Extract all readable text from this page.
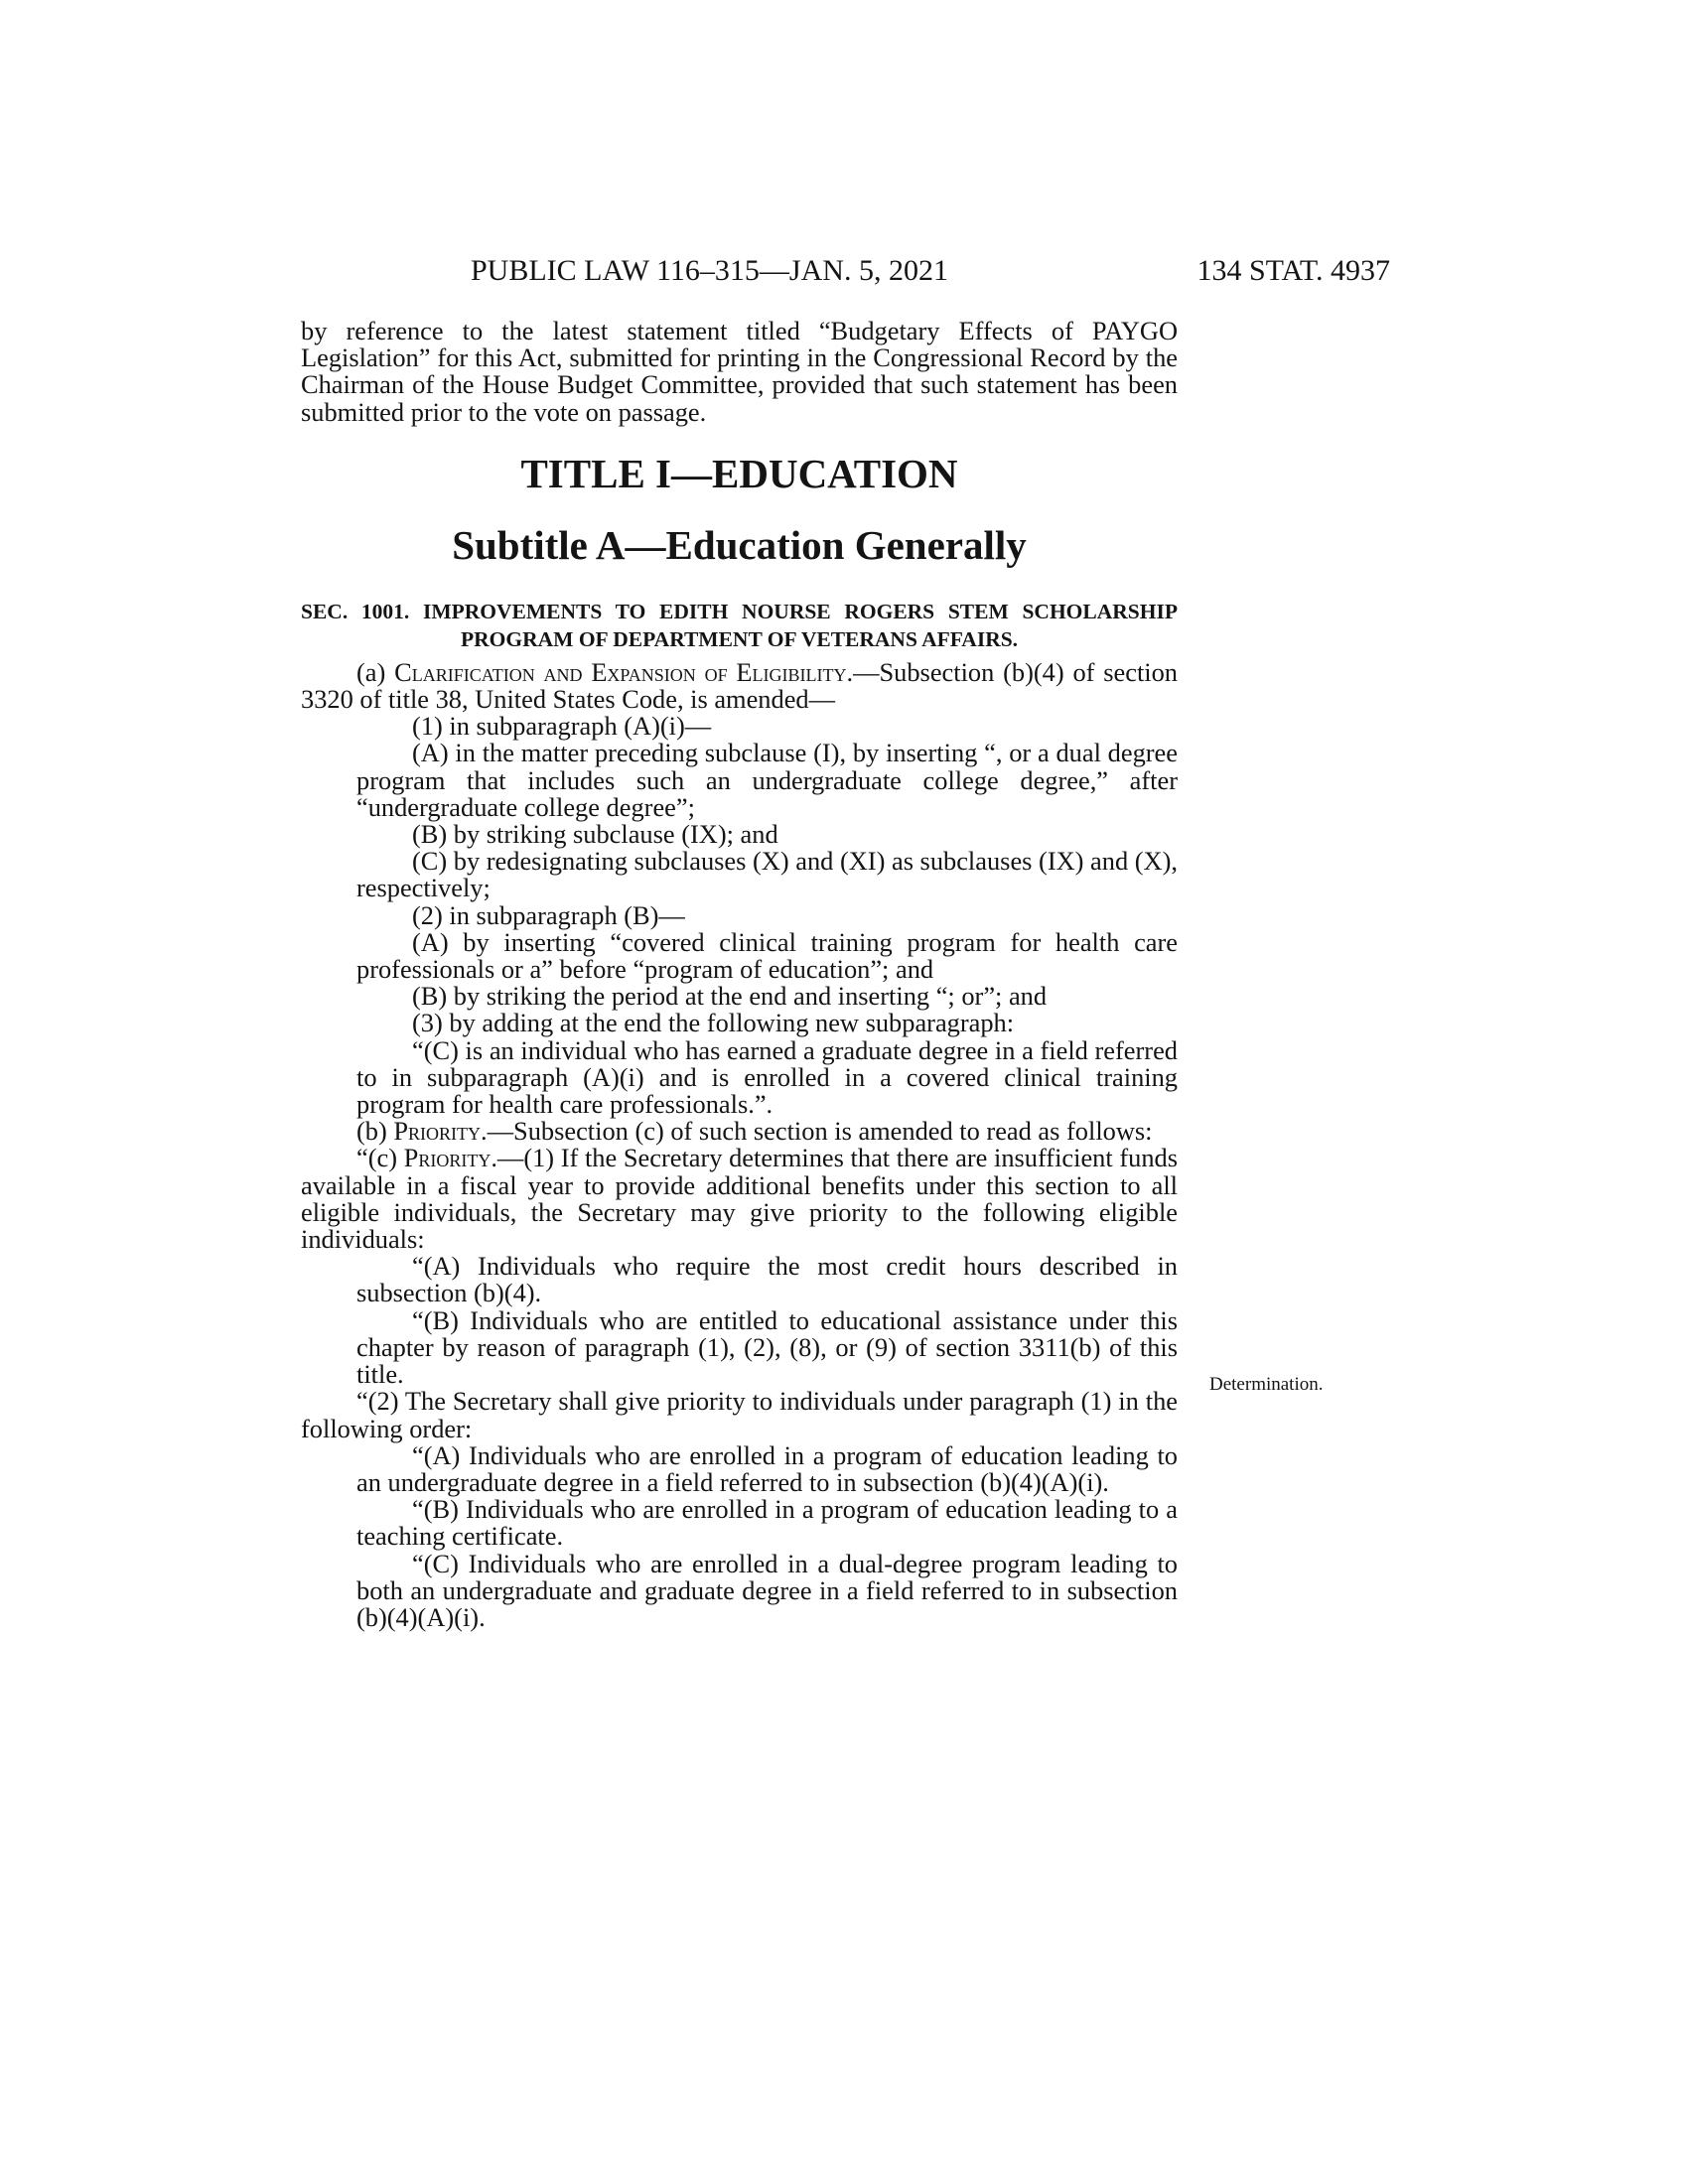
PUBLIC LAW 116–315—JAN. 5, 2021	134 STAT. 4937

by reference to the latest statement titled “Budgetary Effects of PAYGO Legislation” for this Act, submitted for printing in the Congressional Record by the Chairman of the House Budget Committee, provided that such statement has been submitted prior to the vote on passage.

TITLE I—EDUCATION
Subtitle A—Education Generally
SEC. 1001. IMPROVEMENTS TO EDITH NOURSE ROGERS STEM SCHOLARSHIP PROGRAM OF DEPARTMENT OF VETERANS AFFAIRS.

(a) Clarification and Expansion of Eligibility.—Subsection (b)(4) of section 3320 of title 38, United States Code, is amended—

(1) in subparagraph (A)(i)—

(A) in the matter preceding subclause (I), by inserting “, or a dual degree program that includes such an undergraduate college degree,” after “undergraduate college degree”;

(B) by striking subclause (IX); and

(C) by redesignating subclauses (X) and (XI) as subclauses (IX) and (X), respectively;

(2) in subparagraph (B)—

(A) by inserting “covered clinical training program for health care professionals or a” before “program of education”; and

(B) by striking the period at the end and inserting “; or”; and

(3) by adding at the end the following new subparagraph:

“(C) is an individual who has earned a graduate degree in a field referred to in subparagraph (A)(i) and is enrolled in a covered clinical training program for health care professionals.”.

(b) Priority.—Subsection (c) of such section is amended to read as follows:

“(c) Priority.—(1) If the Secretary determines that there are insufficient funds available in a fiscal year to provide additional benefits under this section to all eligible individuals, the Secretary may give priority to the following eligible individuals:

“(A) Individuals who require the most credit hours described in subsection (b)(4).

“(B) Individuals who are entitled to educational assistance under this chapter by reason of paragraph (1), (2), (8), or (9) of section 3311(b) of this title.

“(2) The Secretary shall give priority to individuals under paragraph (1) in the following order:

“(A) Individuals who are enrolled in a program of education leading to an undergraduate degree in a field referred to in subsection (b)(4)(A)(i).

“(B) Individuals who are enrolled in a program of education leading to a teaching certificate.

“(C) Individuals who are enrolled in a dual-degree program leading to both an undergraduate and graduate degree in a field referred to in subsection (b)(4)(A)(i).

Determination.
